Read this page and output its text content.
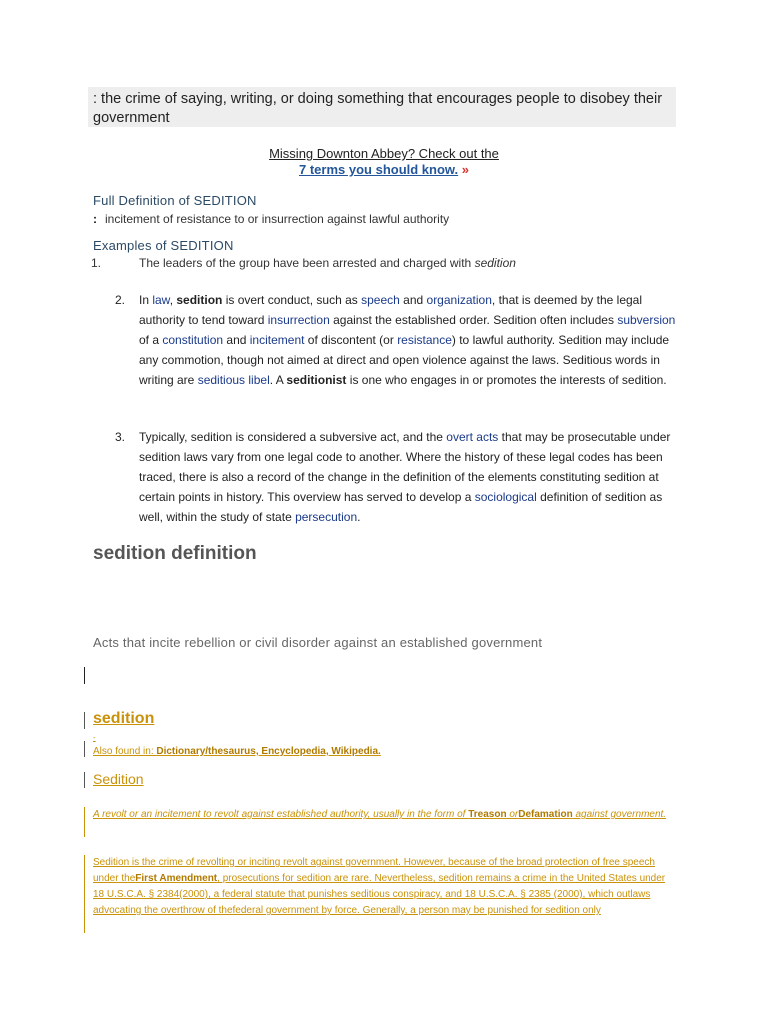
: the crime of saying, writing, or doing something that encourages people to disobey their government
Missing Downton Abbey? Check out the
7 terms you should know. »
Full Definition of SEDITION
: incitement of resistance to or insurrection against lawful authority
Examples of SEDITION
1.	The leaders of the group have been arrested and charged with sedition
2. In law, sedition is overt conduct, such as speech and organization, that is deemed by the legal authority to tend toward insurrection against the established order. Sedition often includes subversion of a constitution and incitement of discontent (or resistance) to lawful authority. Sedition may include any commotion, though not aimed at direct and open violence against the laws. Seditious words in writing are seditious libel. A seditionist is one who engages in or promotes the interests of sedition.
3. Typically, sedition is considered a subversive act, and the overt acts that may be prosecutable under sedition laws vary from one legal code to another. Where the history of these legal codes has been traced, there is also a record of the change in the definition of the elements constituting sedition at certain points in history. This overview has served to develop a sociological definition of sedition as well, within the study of state persecution.
sedition definition
Acts that incite rebellion or civil disorder against an established government
sedition
-
Also found in: Dictionary/thesaurus, Encyclopedia, Wikipedia.
Sedition
A revolt or an incitement to revolt against established authority, usually in the form of Treason orDefamation against government.
Sedition is the crime of revolting or inciting revolt against government. However, because of the broad protection of free speech under theFirst Amendment, prosecutions for sedition are rare. Nevertheless, sedition remains a crime in the United States under 18 U.S.C.A. § 2384(2000), a federal statute that punishes seditious conspiracy, and 18 U.S.C.A. § 2385 (2000), which outlaws advocating the overthrow of thefederal government by force. Generally, a person may be punished for sedition only
